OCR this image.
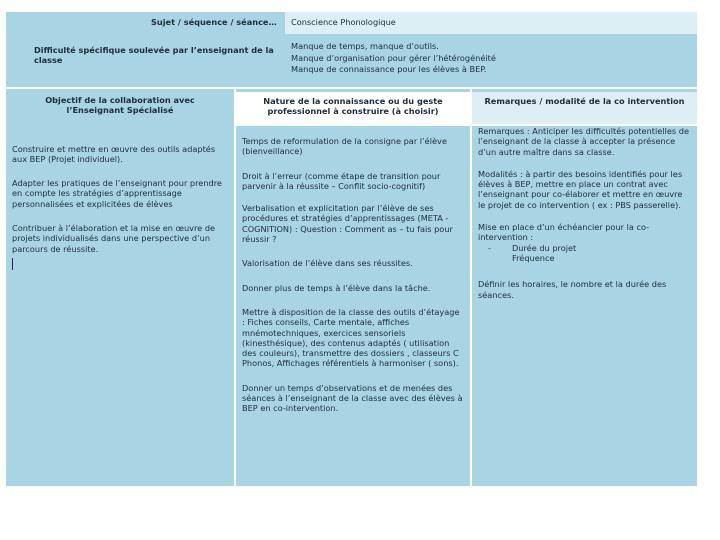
Sujet / séquence / séance…	Conscience Phonologique
Difficulté spécifique soulevée par l’enseignant de la classe
Manque de temps, manque d’outils.
Manque d’organisation pour gérer l’hétérogénéité
Manque de connaissance pour les élèves à BEP.
Objectif de la collaboration avec l’Enseignant Spécialisé
Construire et mettre en œuvre des outils adaptés aux BEP (Projet individuel).
Adapter les pratiques de l’enseignant pour prendre en compte les stratégies d’apprentissage personnalisées et explicitées de élèves
Contribuer à l’élaboration et la mise en œuvre de projets individualisés dans une perspective d’un parcours de réussite.
Nature de la connaissance ou du geste professionnel à construire (à choisir)
Temps de reformulation de la consigne par l’élève (bienveillance)
Droit à l’erreur (comme étape de transition pour parvenir à la réussite – Conflit socio-cognitif)
Verbalisation et explicitation par l’élève de ses procédures et stratégies d’apprentissages (META - COGNITION) : Question : Comment as – tu fais pour réussir ?
Valorisation de l’élève dans ses réussites.
Donner plus de temps à l’élève dans la tâche.
Mettre à disposition de la classe des outils d’étayage : Fiches conseils, Carte mentale, affiches mnémotechniques, exercices sensoriels (kinesthésique), des contenus adaptés ( utilisation des couleurs), transmettre des dossiers , classeurs C Phonos, Affichages référentiels à harmoniser ( sons).
Donner un temps d’observations et de menées des séances à l’enseignant de la classe avec des élèves à BEP en co-intervention.
Remarques / modalité de la co intervention
Remarques : Anticiper les difficultés potentielles de l’enseignant de la classe à accepter la présence d’un autre maître dans sa classe.
Modalités : à partir des besoins identifiés pour les élèves à BEP, mettre en place un contrat avec l’enseignant pour co-élaborer et mettre en œuvre le projet de co intervention ( ex : PBS passerelle).
Mise en place d’un échéancier pour la co-intervention :
-	Durée du projet
Fréquence
Définir les horaires, le nombre et la durée des séances.
